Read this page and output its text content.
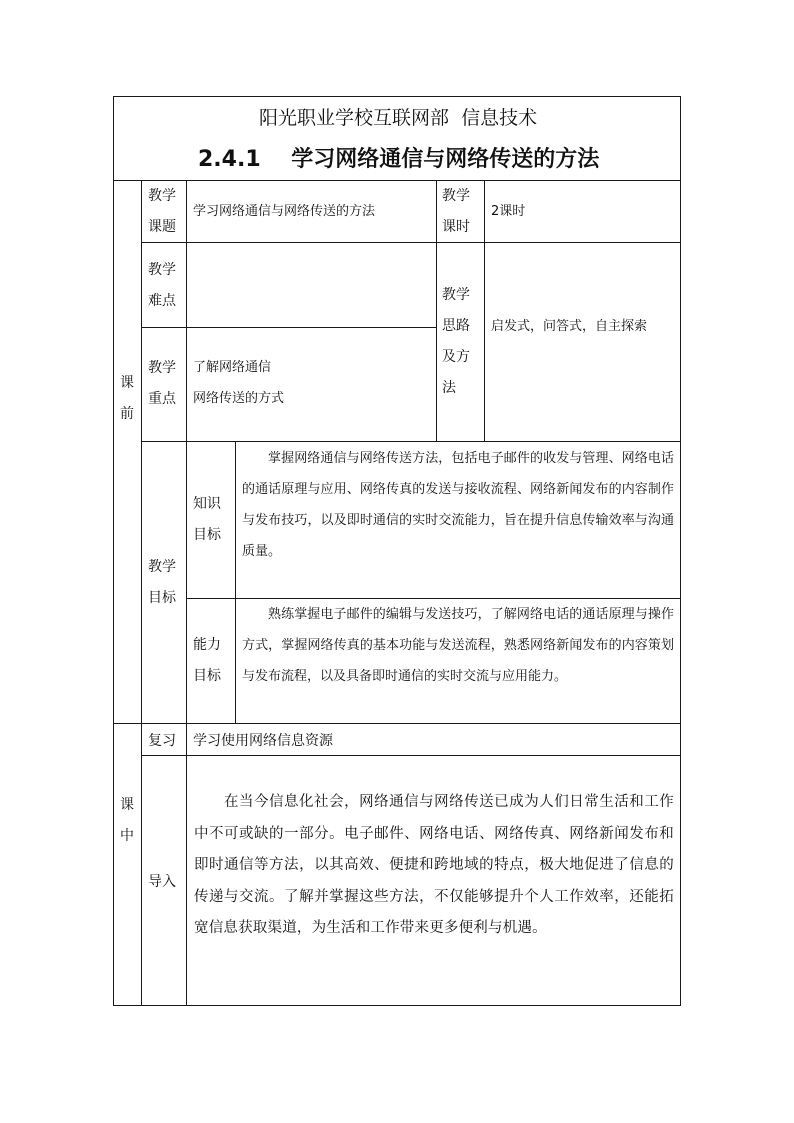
阳光职业学校互联网部  信息技术
2.4.1    学习网络通信与网络传送的方法
课前
教学课题
学习网络通信与网络传送的方法
教学课时
2课时
教学难点	教学思路及方法
启发式，问答式，自主探索
教学重点
了解网络通信
网络传送的方式
教学目标
知识目标
掌握网络通信与网络传送方法，包括电子邮件的收发与管理、网络电话的通话原理与应用、网络传真的发送与接收流程、网络新闻发布的内容制作与发布技巧，以及即时通信的实时交流能力，旨在提升信息传输效率与沟通质量。
能力目标
熟练掌握电子邮件的编辑与发送技巧，了解网络电话的通话原理与操作方式，掌握网络传真的基本功能与发送流程，熟悉网络新闻发布的内容策划与发布流程，以及具备即时通信的实时交流与应用能力。
课中
复习 学习使用网络信息资源
导入
在当今信息化社会，网络通信与网络传送已成为人们日常生活和工作中不可或缺的一部分。电子邮件、网络电话、网络传真、网络新闻发布和即时通信等方法，以其高效、便捷和跨地域的特点，极大地促进了信息的传递与交流。了解并掌握这些方法，不仅能够提升个人工作效率，还能拓宽信息获取渠道，为生活和工作带来更多便利与机遇。
